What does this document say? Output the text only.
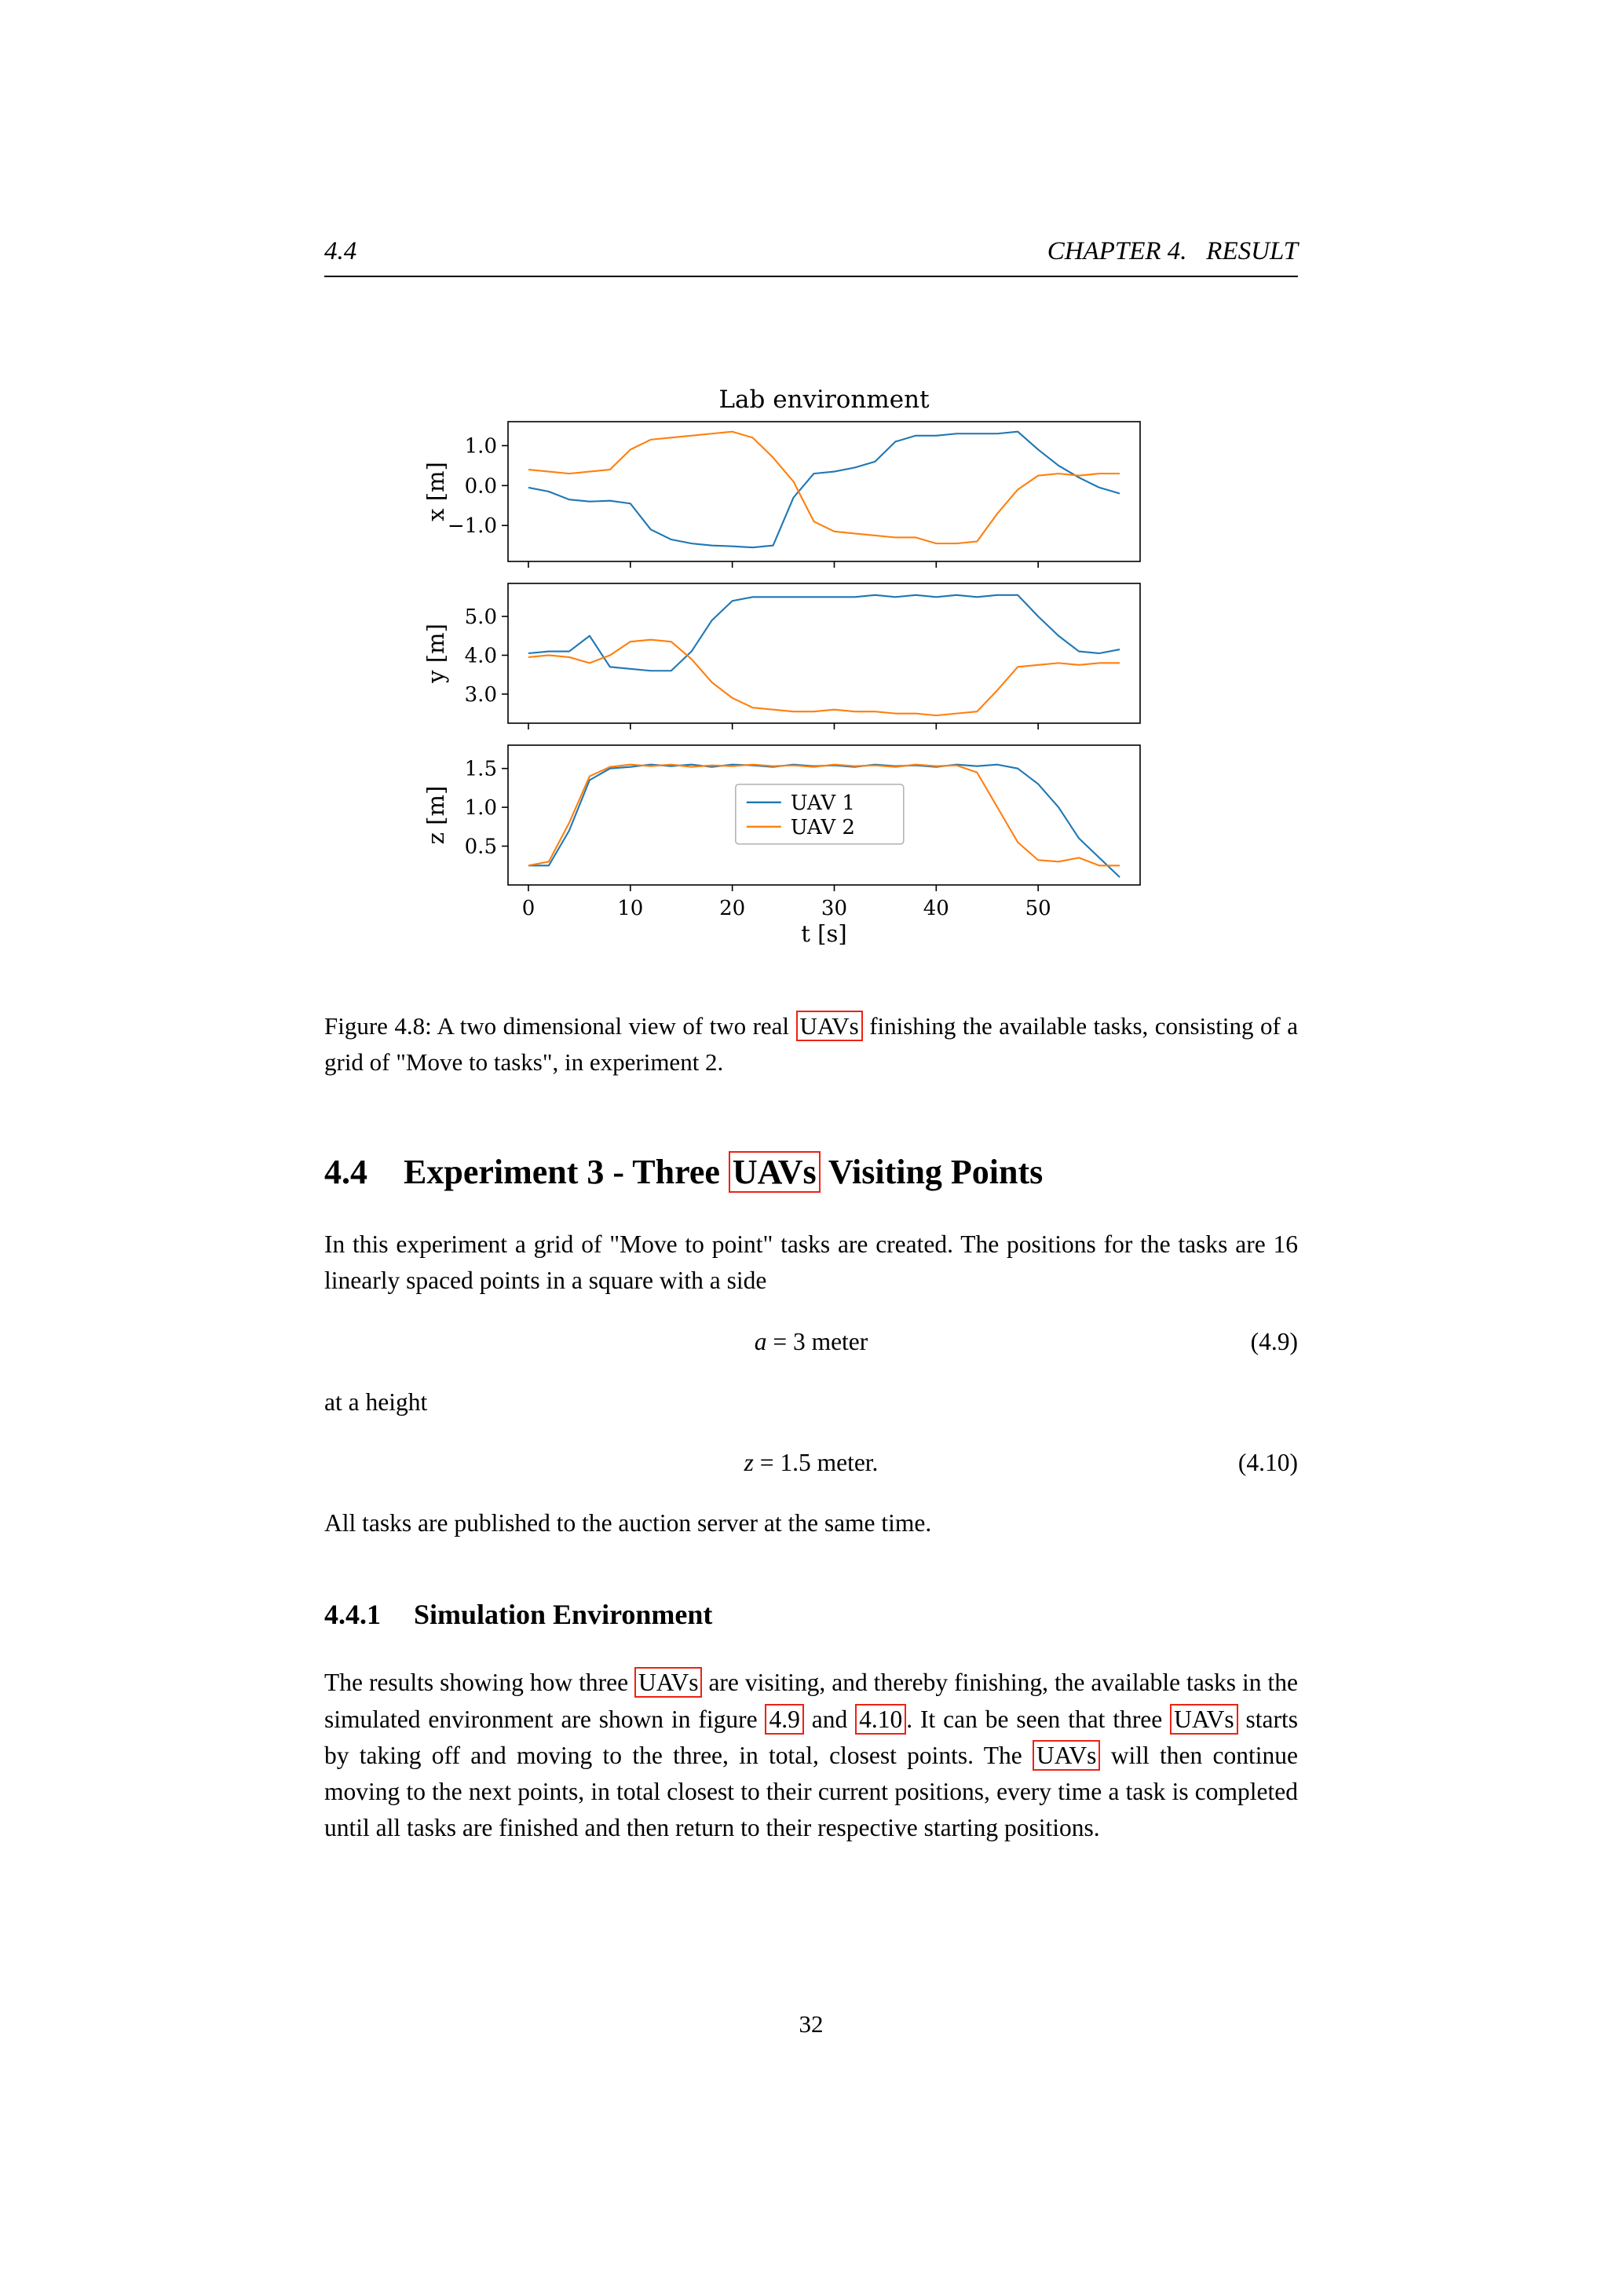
4.4	CHAPTER 4.  RESULT
Lab environment
1.0
0.0
−1.0
x [m]
5.0
4.0
3.0
y [m]
1.5
1.0
0.5
z [m]
0	10	20	30	40	50
t [s]
UAV 1
UAV 2

Figure 4.8: A two dimensional view of two real UAVs finishing the available tasks, consisting of a grid of "Move to tasks", in experiment 2.

4.4 Experiment 3 - Three UAVs Visiting Points

In this experiment a grid of "Move to point" tasks are created. The positions for the tasks are 16 linearly spaced points in a square with a side

a = 3 meter	(4.9)

at a height

z = 1.5 meter.	(4.10)

All tasks are published to the auction server at the same time.

4.4.1 Simulation Environment

The results showing how three UAVs are visiting, and thereby finishing, the available tasks in the simulated environment are shown in figure 4.9 and 4.10 . It can be seen that three UAVs starts by taking off and moving to the three, in total, closest points. The UAVs will then continue moving to the next points, in total closest to their current positions, every time a task is completed until all tasks are finished and then return to their respective starting positions.

32
